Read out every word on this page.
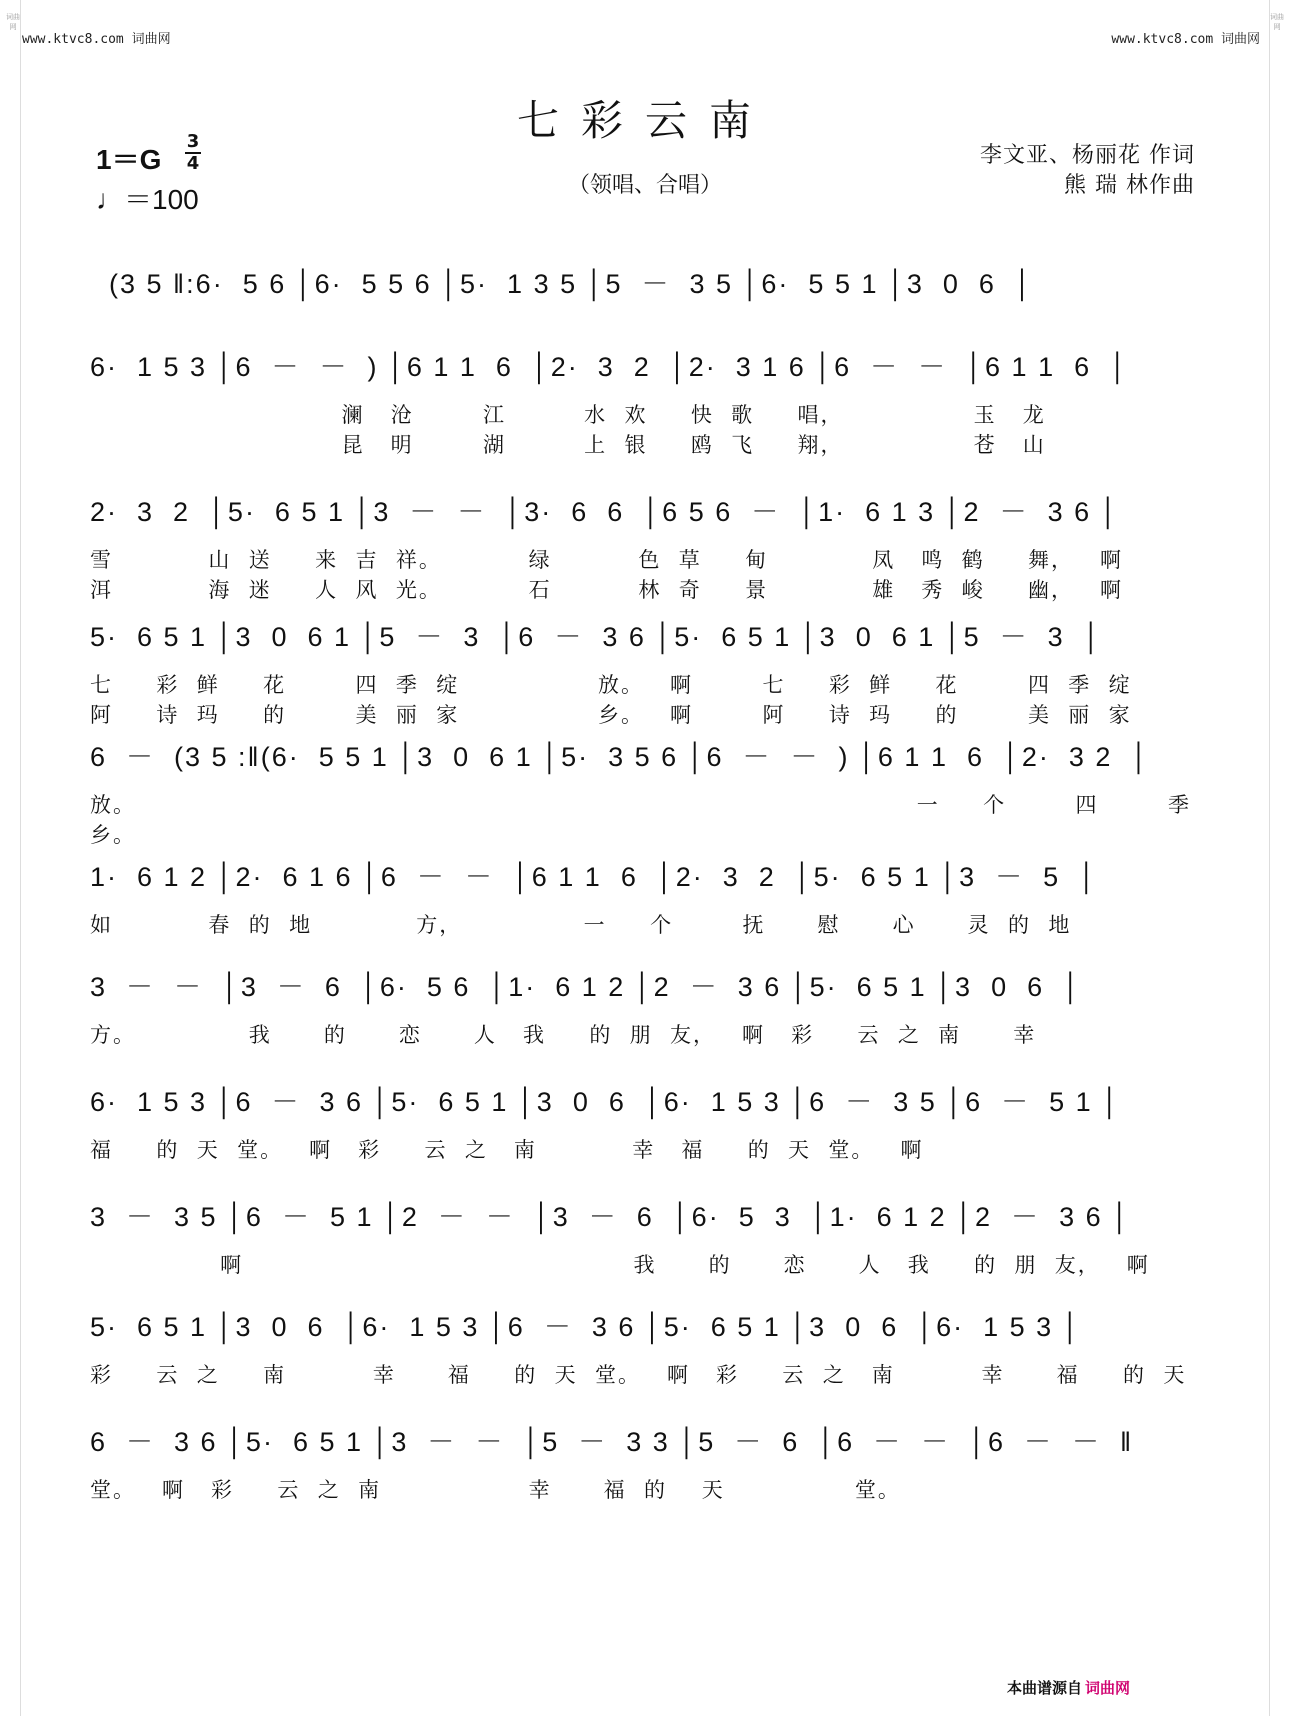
词曲网
词曲网
www.ktvc8.com 词曲网	www.ktvc8.com 词曲网
七彩云南
（领唱、合唱）
1＝G
3
4
♩＝100
李文亚、杨丽花 作词
熊 瑞 林作曲
(3 5 ‖:6·  5 6 │6·  5 5 6 │5·  1 3 5 │5  －  3 5 │6·  5 5 1 │3  0  6  │
6·  1 5 3 │6  －  －  ) │6 1 1  6  │2·  3  2  │2·  3 1 6 │6  －  －  │6 1 1  6  │
澜   沧        江         水  欢     快  歌     唱，               玉   龙
昆   明        湖         上  银     鸥  飞     翔，               苍   山
2·  3  2  │5·  6 5 1 │3  －  －  │3·  6  6  │6 5 6  －  │1·  6 1 3 │2  －  3 6 │
雪           山  送     来  吉  祥。          绿          色  草     甸            凤   鸣  鹤     舞，   啊
洱           海  迷     人  风  光。          石          林  奇     景            雄   秀  峻     幽，   啊
5·  6 5 1 │3  0  6 1 │5  －  3  │6  －  3 6 │5·  6 5 1 │3  0  6 1 │5  －  3  │
七     彩  鲜     花        四  季  绽                放。   啊        七     彩  鲜     花        四  季  绽
阿     诗  玛     的        美  丽  家                乡。   啊        阿     诗  玛     的        美  丽  家
6  －  (3 5 :‖(6·  5 5 1 │3  0  6 1 │5·  3 5 6 │6  －  －  ) │6 1 1  6  │2·  3 2  │
放。                                                                                          一     个        四        季
乡。
1·  6 1 2 │2·  6 1 6 │6  －  －  │6 1 1  6  │2·  3  2  │5·  6 5 1 │3  －  5  │
如           春  的  地            方，              一     个        抚      慰      心      灵  的  地
3  －  －  │3  －  6  │6·  5 6  │1·  6 1 2 │2  －  3 6 │5·  6 5 1 │3  0  6  │
方。             我      的      恋      人   我     的  朋  友，   啊   彩     云  之  南      幸
6·  1 5 3 │6  －  3 6 │5·  6 5 1 │3  0  6  │6·  1 5 3 │6  －  3 5 │6  －  5 1 │
福     的  天  堂。   啊   彩     云  之   南           幸   福     的  天  堂。   啊
3  －  3 5 │6  －  5 1 │2  －  －  │3  －  6  │6·  5  3  │1·  6 1 2 │2  －  3 6 │
啊                                             我      的      恋      人   我     的  朋  友，   啊
5·  6 5 1 │3  0  6  │6·  1 5 3 │6  －  3 6 │5·  6 5 1 │3  0  6  │6·  1 5 3 │
彩     云  之     南          幸      福     的  天  堂。   啊   彩     云  之   南          幸      福     的  天
6  －  3 6 │5·  6 5 1 │3  －  －  │5  －  3 3 │5  －  6  │6  －  －  │6  －  －  ‖
堂。   啊   彩     云  之  南                 幸      福  的    天               堂。
本曲谱源自 词曲网
